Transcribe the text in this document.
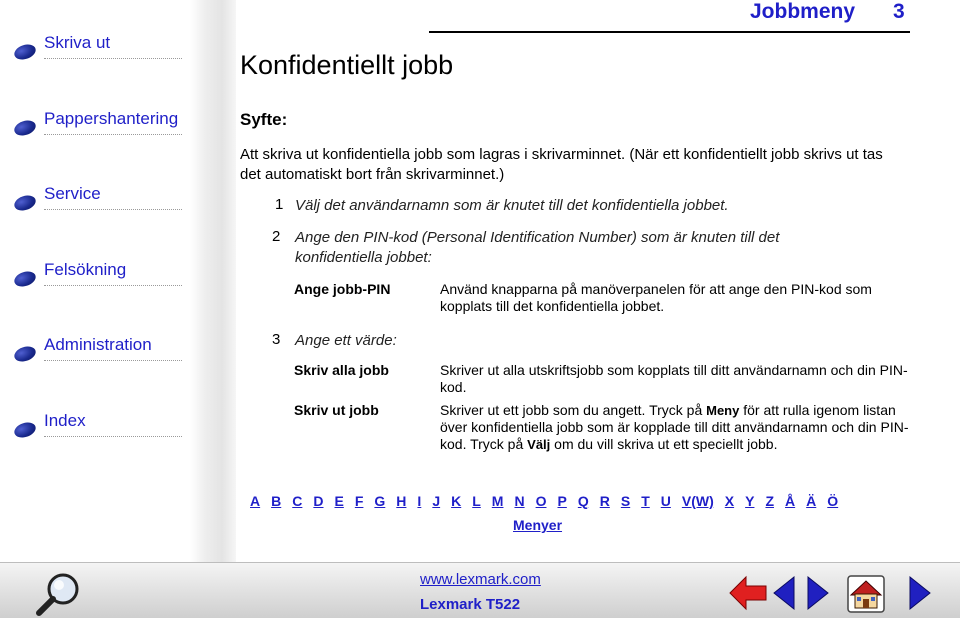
Skriva ut
Pappershantering
Service
Felsökning
Administration
Index
Jobbmeny 3
Konfidentiellt jobb
Syfte:
Att skriva ut konfidentiella jobb som lagras i skrivarminnet. (När ett konfidentiellt jobb skrivs ut tas det automatiskt bort från skrivarminnet.)
1 Välj det användarnamn som är knutet till det konfidentiella jobbet.
2 Ange den PIN-kod (Personal Identification Number) som är knuten till det konfidentiella jobbet:
Ange jobb-PIN	Använd knapparna på manöverpanelen för att ange den PIN-kod som kopplats till det konfidentiella jobbet.
3 Ange ett värde:
Skriv alla jobb	Skriver ut alla utskriftsjobb som kopplats till ditt användarnamn och din PIN-kod.
Skriv ut jobb	Skriver ut ett jobb som du angett. Tryck på Meny för att rulla igenom listan över konfidentiella jobb som är kopplade till ditt användarnamn och din PIN-kod. Tryck på Välj om du vill skriva ut ett speciellt jobb.
A B C D E F G H I J K L M N O P Q R S T U V(W) X Y Z Å Ä Ö
Menyer
www.lexmark.com
Lexmark T522
